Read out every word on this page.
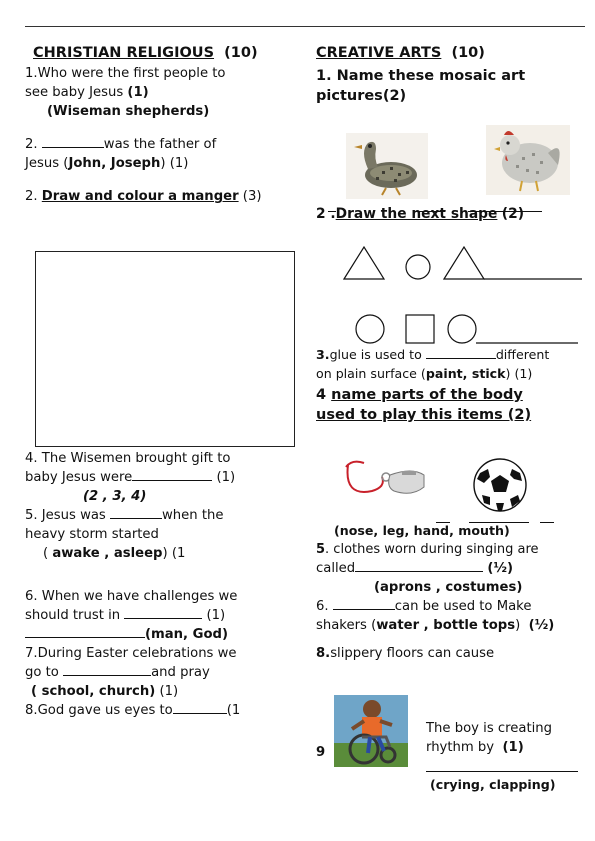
CHRISTIAN RELIGIOUS (10)

1.Who were the first people to

see baby Jesus (1)

(Wiseman shepherds)

2.	was the father of

Jesus (John, Joseph) (1)

2. Draw and colour a manger (3)

4. The Wisemen brought gift to

baby Jesus were	(1)

(2 , 3, 4)

5. Jesus was	when the

heavy storm started

( awake , asleep) (1

6. When we have challenges we

should trust in	(1)

(man, God)

7.During Easter celebrations we

go to	and pray

( school, church) (1)

8.God gave us eyes to	(1

CREATIVE ARTS (10)

1. Name these mosaic art

pictures(2)

2 .Draw the next shape (2)

3.glue is used to	different

on plain surface (paint, stick) (1)

4 name parts of the body

used to play this items (2)

(nose, leg, hand, mouth)

5. clothes worn during singing are

called	(½)

(aprons , costumes)

6.	can be used to Make

shakers (water , bottle tops) (½)

8.slippery floors can cause

9

The boy is creating

rhythm by (1)

(crying, clapping)
